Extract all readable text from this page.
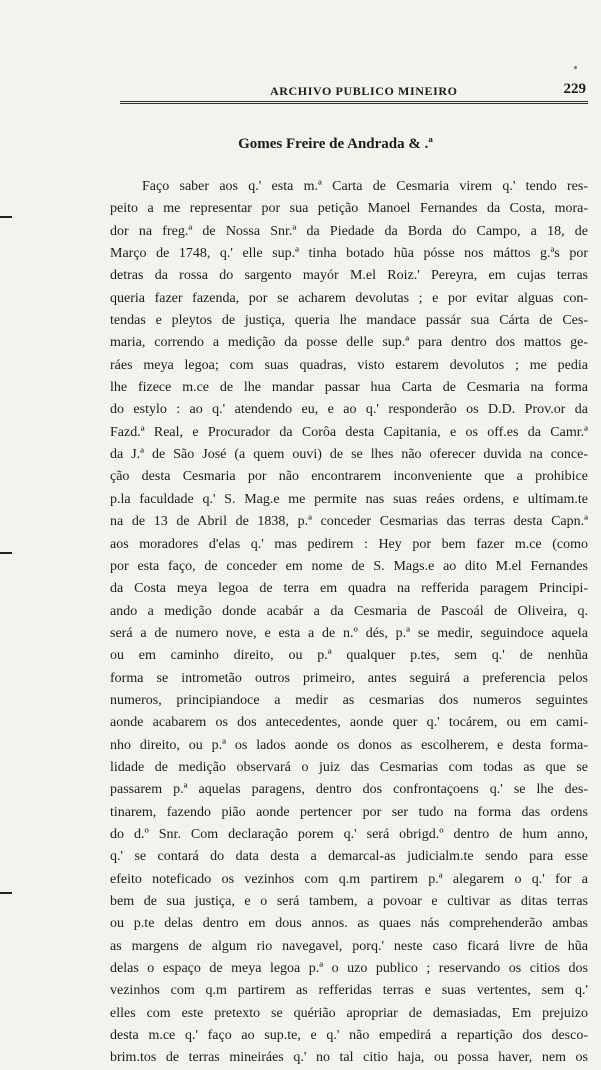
ARCHIVO PUBLICO MINEIRO	229
Gomes Freire de Andrada & .ª
Faço saber aos q.' esta m.ª Carta de Cesmaria virem q.' tendo res-
peito a me representar por sua petição Manoel Fernandes da Costa, mora-
dor na freg.ª de Nossa Snr.ª da Piedade da Borda do Campo, a 18, de
Março de 1748, q.' elle sup.ª tinha botado hũa pósse nos máttos g.ªs por
detras da rossa do sargento mayór M.el Roiz.' Pereyra, em cujas terras
queria fazer fazenda, por se acharem devolutas ; e por evitar alguas con-
tendas e pleytos de justiça, queria lhe mandace passár sua Cárta de Ces-
maria, correndo a medição da posse delle sup.ª para dentro dos mattos ge-
ráes meya legoa; com suas quadras, visto estarem devolutos ; me pedia
lhe fizece m.ce de lhe mandar passar hua Carta de Cesmaria na forma
do estylo : ao q.' atendendo eu, e ao q.' responderão os D.D. Prov.or da
Fazd.ª Real, e Procurador da Corôa desta Capitania, e os off.es da Camr.ª
da J.ª de São José (a quem ouvi) de se lhes não oferecer duvida na conce-
ção desta Cesmaria por não encontrarem inconveniente que a prohibice
p.la faculdade q.' S. Mag.e me permite nas suas reáes ordens, e ultimam.te
na de 13 de Abril de 1838, p.ª conceder Cesmarias das terras desta Capn.ª
aos moradores d'elas q.' mas pedirem : Hey por bem fazer m.ce (como
por esta faço, de conceder em nome de S. Mags.e ao dito M.el Fernandes
da Costa meya legoa de terra em quadra na refferida paragem Principi-
ando a medição donde acabár a da Cesmaria de Pascoál de Oliveira, q.
será a de numero nove, e esta a de n.º dés, p.ª se medir, seguindoce aquela
ou em caminho direito, ou p.ª qualquer p.tes, sem q.' de nenhũa
forma se intrometão outros primeiro, antes seguirá a preferencia pelos
numeros, principiandoce a medir as cesmarias dos numeros seguintes
aonde acabarem os dos antecedentes, aonde quer q.' tocárem, ou em cami-
nho direito, ou p.ª os lados aonde os donos as escolherem, e desta forma-
lidade de medição observará o juiz das Cesmarias com todas as que se
passarem p.ª aquelas paragens, dentro dos confrontaçoens q.' se lhe des-
tinarem, fazendo pião aonde pertencer por ser tudo na forma das ordens
do d.º Snr. Com declaração porem q.' será obrigd.º dentro de hum anno,
q.' se contará do data desta a demarcal-as judicialm.te sendo para esse
efeito noteficado os vezinhos com q.m partirem p.ª alegarem o q.' for a
bem de sua justiça, e o será tambem, a povoar e cultivar as ditas terras
ou p.te delas dentro em dous annos. as quaes nás comprehenderão ambas
as margens de algum rio navegavel, porq.' neste caso ficará livre de hũa
delas o espaço de meya legoa p.ª o uzo publico ; reservando os citios dos
vezinhos com q.m partirem as refferidas terras e suas vertentes, sem q.'
elles com este pretexto se quérião apropriar de demasiadas, Em prejuizo
desta m.ce q.' faço ao sup.te, e q.' não empedirá a repartição dos desco-
brim.tos de terras mineiráes q.' no tal citio haja, ou possa haver, nem os
